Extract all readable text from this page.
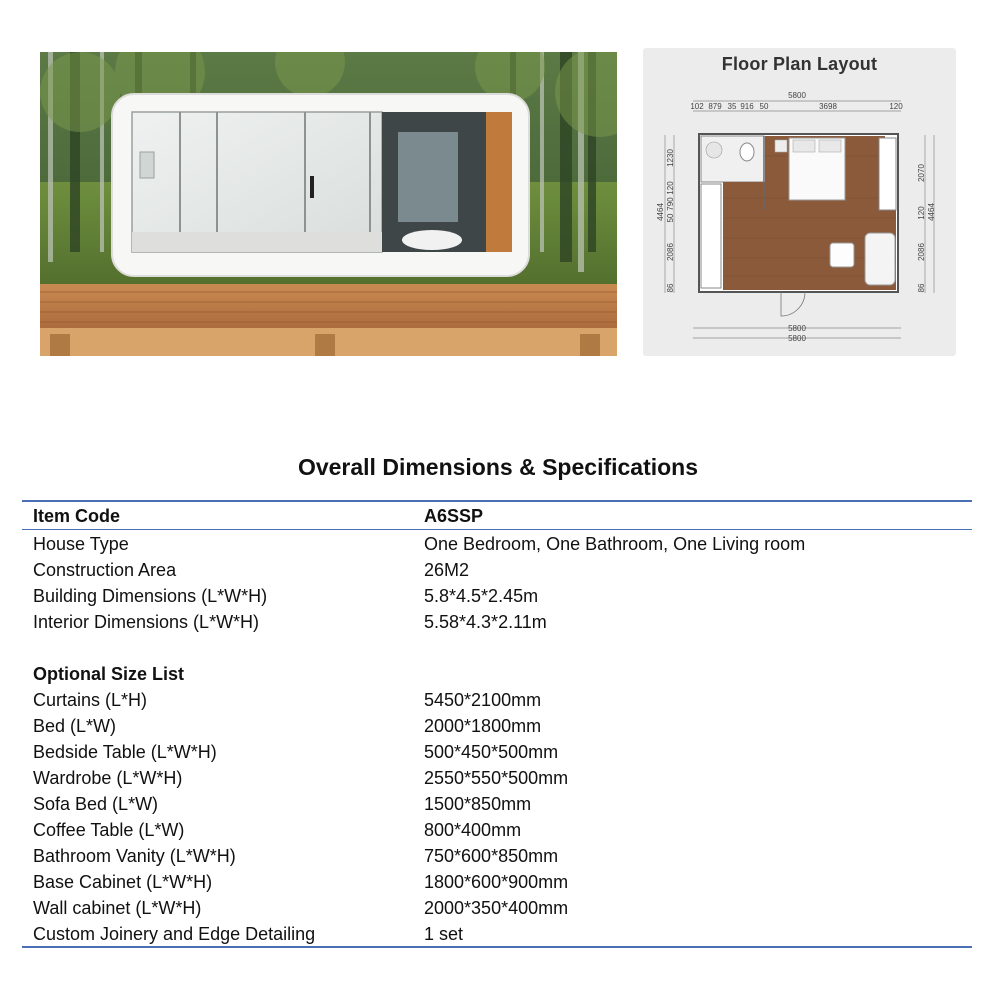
Floor Plan Layout
5800
102 879 35 916 50	3698	120
4464
1230
120
790
50
2086
86
2070
120
2086
86
4464
5800
5800
Overall Dimensions & Specifications
Item Code	A6SSP
House Type	One Bedroom, One Bathroom, One Living room
Construction Area	26M2
Building Dimensions (L*W*H)	5.8*4.5*2.45m
Interior Dimensions (L*W*H)	5.58*4.3*2.11m
Optional Size List
Curtains (L*H)	5450*2100mm
Bed (L*W)	2000*1800mm
Bedside Table (L*W*H)	500*450*500mm
Wardrobe (L*W*H)	2550*550*500mm
Sofa Bed (L*W)	1500*850mm
Coffee Table (L*W)	800*400mm
Bathroom Vanity (L*W*H)	750*600*850mm
Base Cabinet (L*W*H)	1800*600*900mm
Wall cabinet (L*W*H)	2000*350*400mm
Custom Joinery and Edge Detailing	1 set
